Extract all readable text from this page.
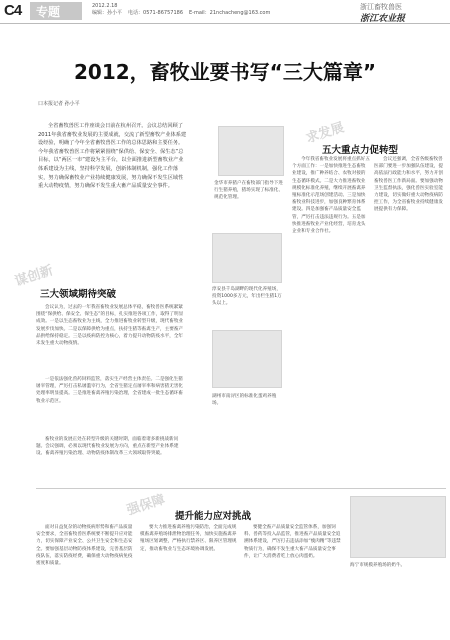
C4	专题	2012.2.18
编辑：孙小平 电话：0571-86757186 E-mail：21nchacheng@163.com
浙江畜牧兽医
浙江农业报
2012，畜牧业要书写“三大篇章”
口本报记者 孙小平
全省畜牧兽医工作座谈会日前在杭州召开。会议总结回顾了2011年我省畜牧业发展的主要成就，交流了新型畜牧产业体系建设经验，明确了今年全省畜牧兽医工作的总体思路和主要任务。今年我省畜牧兽医工作将紧紧围绕“保供给、保安全、保生态”总目标，以“两区一市”建设为主平台，以全面推进新型畜牧业产业体系建设为主线，坚持科学发展，创新体制机制，强化工作落实，努力确保畜牧业产业持续健康发展，努力确保不发生区域性重大动物疫情，努力确保不发生重大畜产品质量安全事件。	金华市养猪户在畜牧部门指导下进行生猪养殖，猪场实现了标准化、规范化管理。
求发展
五大重点力促转型
今年我省畜牧业发展将重点抓好五个方面工作：一是加快推进生态畜牧业建设，推广种养结合、农牧对接的生态循环模式。二是大力推进畜牧业规模化标准化养殖，继续开展畜禽养殖标准化示范场创建活动。三是加快畜牧业科技进步，加强良种繁育体系建设。四是加强畜产品质量安全监管，严厉打击违法违规行为。五是加快推进畜牧业产业化经营，培育龙头企业和专业合作社。
会议还强调，全省各级畜牧兽医部门要进一步加强队伍建设，提高依法行政能力和水平，努力开创畜牧兽医工作新局面。要加强动物卫生监督执法，强化兽医实验室能力建设，切实做好重大动物疫病防控工作，为全省畜牧业持续健康发展提供有力保障。
淳安县千岛湖畔的现代化养殖场，投资1000多万元，年出栏生猪1万头以上。
湖州市南浔区的标准化蛋鸡养殖场。
谋创新
三大领域期待突破
会议认为，过去的一年我省畜牧业发展总体平稳，畜牧兽医系统紧紧围绕“保供给、保安全、保生态”的目标，扎实推进各项工作，取得了明显成效。一是以生态畜牧业为主线，全力推进畜牧业转型升级，现代畜牧业发展步伐加快。二是以保障供给为重点，扶持生猪等畜禽生产，主要畜产品供给保持稳定。三是以疫病防控为核心，着力提升动物防疫水平，全年未发生重大动物疫情。
一是依法强化兽药饲料监管，落实生产经营主体责任。二是强化生猪屠宰管理，严厉打击私屠滥宰行为，全省生猪定点屠宰率和病害猪无害化处理率明显提高。三是推进畜禽养殖污染治理，全省建成一批生态循环畜牧业示范区。
畜牧业的发展正处在转型升级的关键时期，面临着诸多新挑战新问题。会议强调，必须以现代畜牧业发展为方向，重点在新型产业体系建设、畜禽养殖污染治理、动物防疫体制改革三大领域取得突破。
强保障 提升能力应对挑战
面对日益复杂的动物疫病形势和畜产品质量安全要求，全省畜牧兽医系统要不断提升应对能力，切实保障产业安全、公共卫生安全和生态安全。要加强基层动物防疫体系建设，完善基层防疫队伍，落实防疫经费，确保重大动物疫病免疫密度和质量。
要大力推进畜禽养殖污染防治，全面完成规模畜禽养殖场排泄物治理任务，加快实施畜禽养殖场区划调整，严格执行禁养区、限养区管理规定，推动畜牧业与生态环境协调发展。
要健全畜产品质量安全监管体系，加强饲料、兽药等投入品监管，推进畜产品质量安全追溯体系建设，严厉打击违法添加“瘦肉精”等违禁物质行为，确保不发生重大畜产品质量安全事件，让广大消费者吃上放心肉蛋奶。
海宁市规模养殖场的奶牛。
